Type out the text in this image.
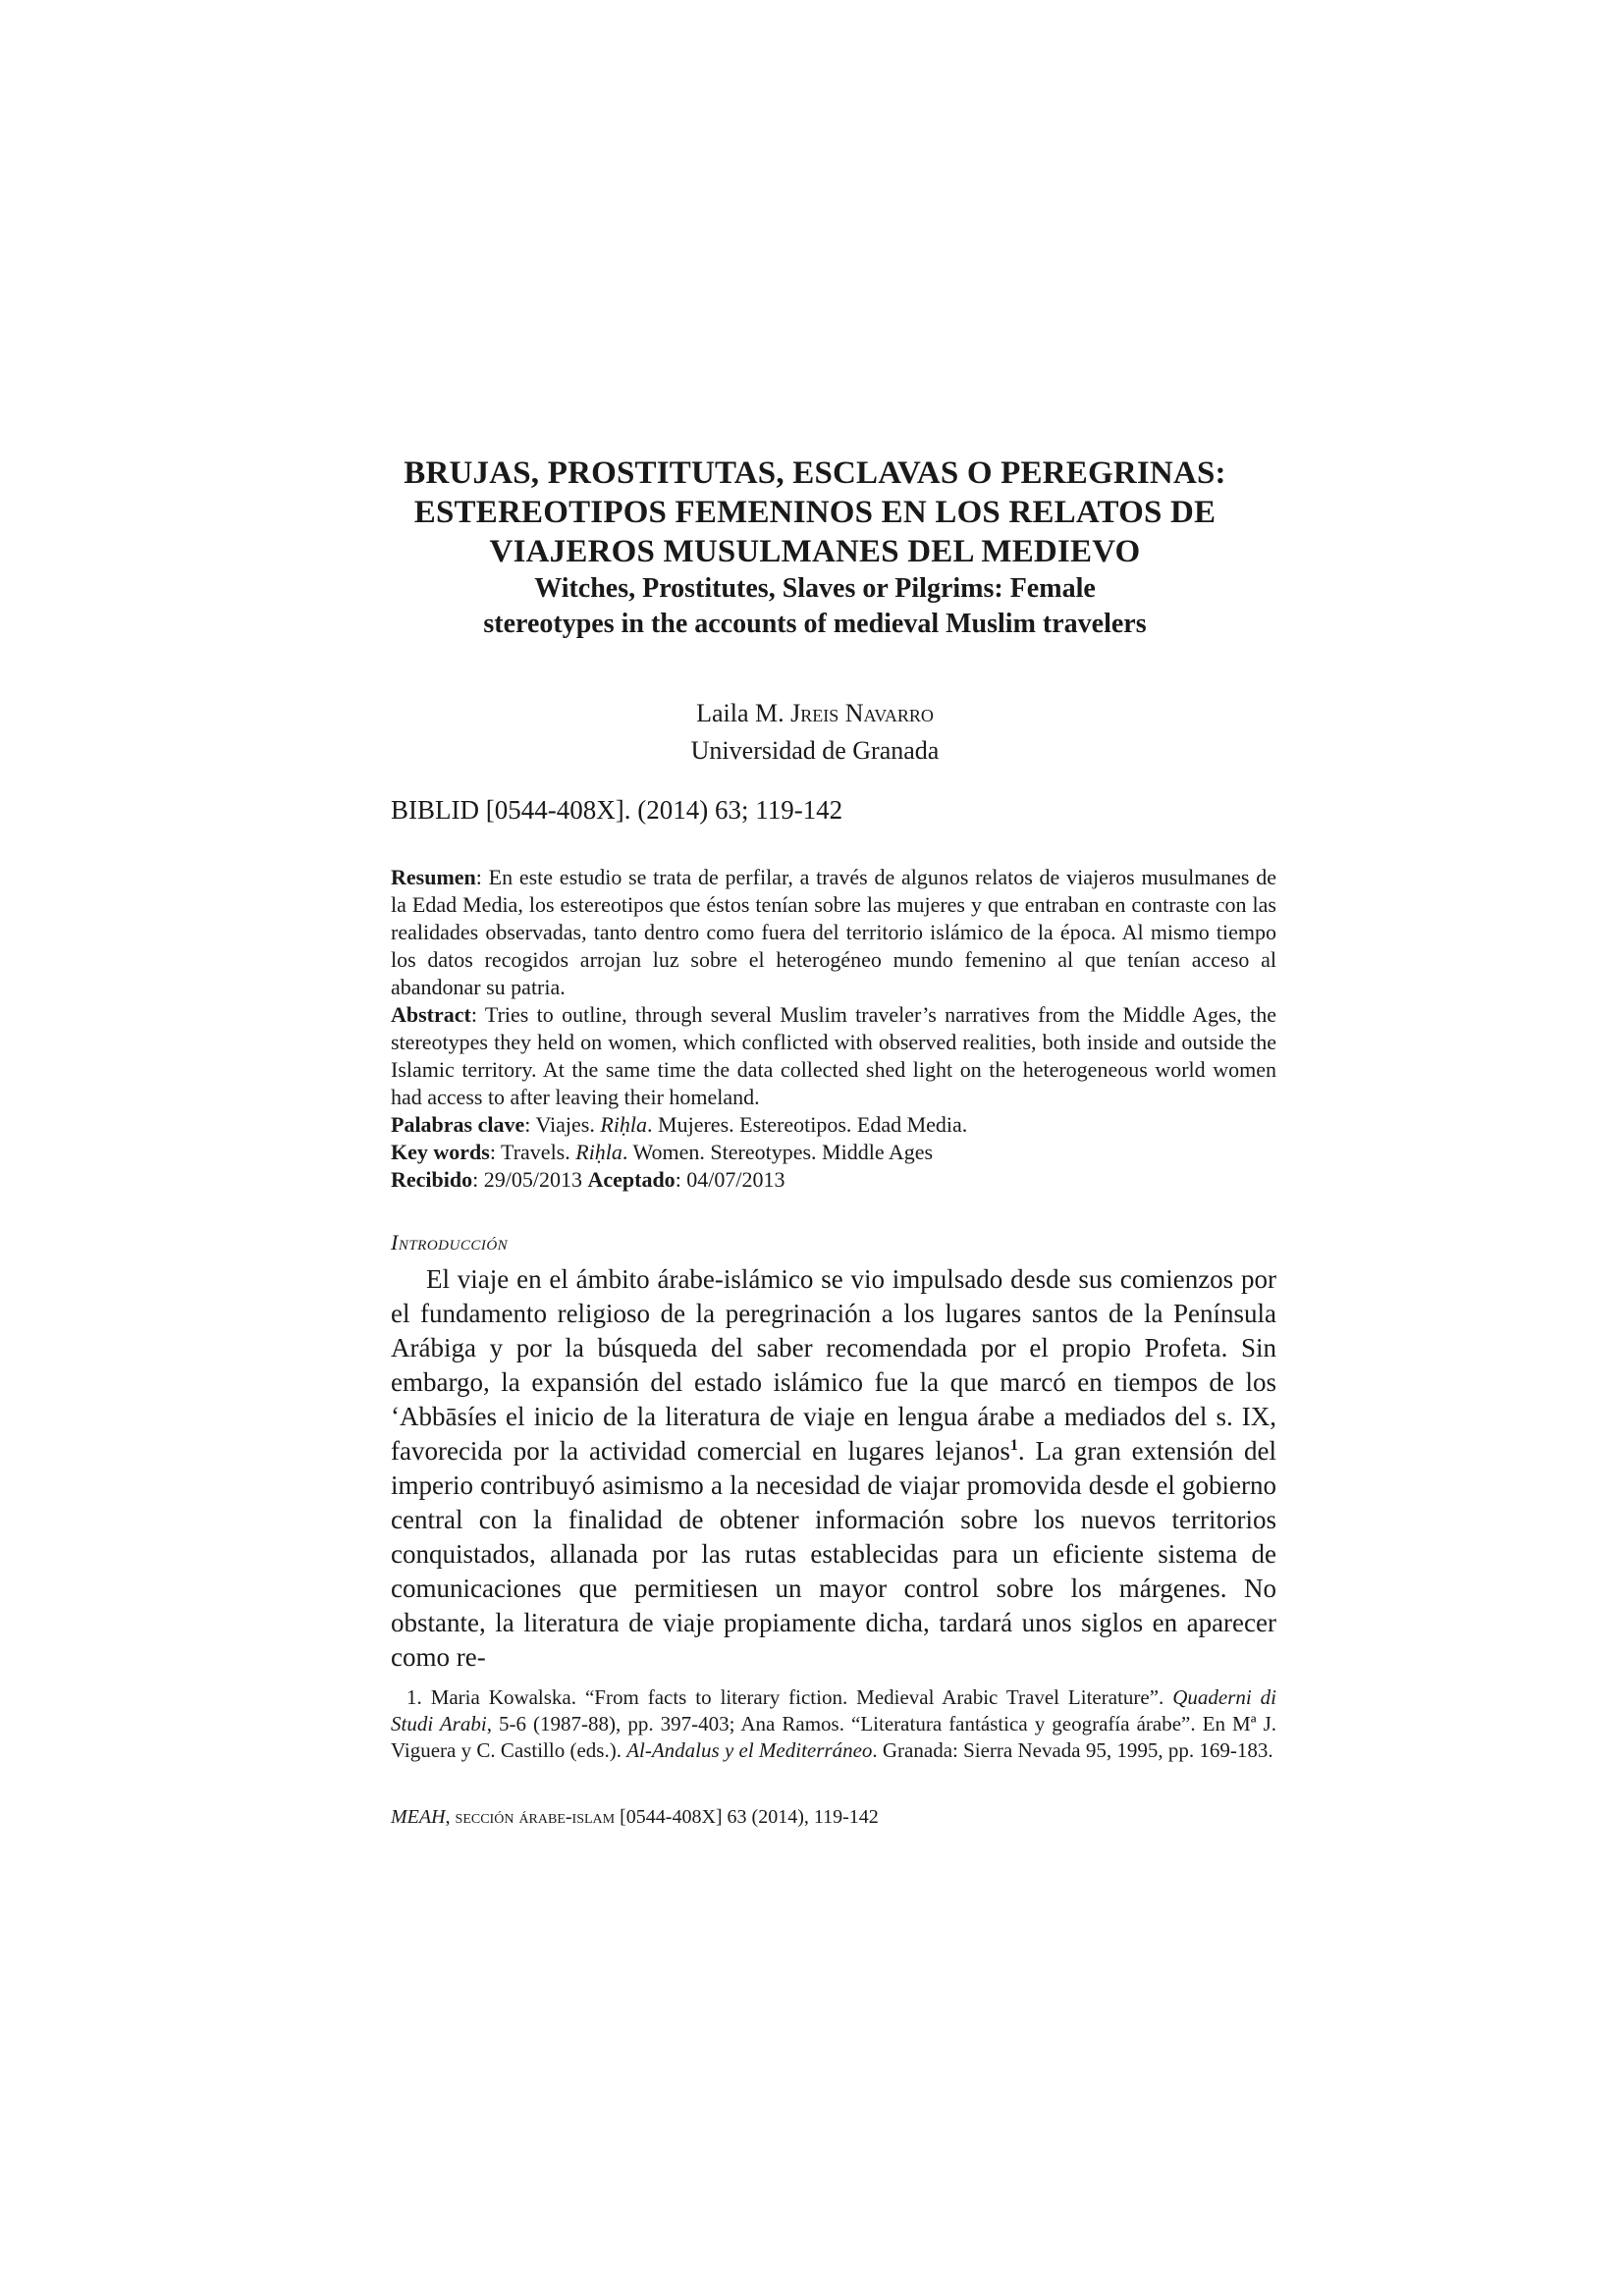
BRUJAS, PROSTITUTAS, ESCLAVAS O PEREGRINAS:

ESTEREOTIPOS FEMENINOS EN LOS RELATOS DE

VIAJEROS MUSULMANES DEL MEDIEVO

Witches, Prostitutes, Slaves or Pilgrims: Female

stereotypes in the accounts of medieval Muslim travelers

Laila M. Jreis Navarro
Universidad de Granada
BIBLID [0544-408X]. (2014) 63; 119-142

Resumen: En este estudio se trata de perfilar, a través de algunos relatos de viajeros musulmanes de la Edad Media, los estereotipos que éstos tenían sobre las mujeres y que entraban en contraste con las realidades observadas, tanto dentro como fuera del territorio islámico de la época. Al mismo tiempo los datos recogidos arrojan luz sobre el heterogéneo mundo femenino al que tenían acceso al abandonar su patria.

Abstract: Tries to outline, through several Muslim traveler’s narratives from the Middle Ages, the stereotypes they held on women, which conflicted with observed realities, both inside and outside the Islamic territory. At the same time the data collected shed light on the heterogeneous world women had access to after leaving their homeland.

Palabras clave: Viajes. Riḥla. Mujeres. Estereotipos. Edad Media.

Key words: Travels. Riḥla. Women. Stereotypes. Middle Ages

Recibido: 29/05/2013 Aceptado: 04/07/2013

Introducción

El viaje en el ámbito árabe-islámico se vio impulsado desde sus comienzos por el fundamento religioso de la peregrinación a los lugares santos de la Península Arábiga y por la búsqueda del saber recomendada por el propio Profeta. Sin embargo, la expansión del estado islámico fue la que marcó en tiempos de los ‘Abbāsíes el inicio de la literatura de viaje en lengua árabe a mediados del s. IX, favorecida por la actividad comercial en lugares lejanos$^1$. La gran extensión del imperio contribuyó asimismo a la necesidad de viajar promovida desde el gobierno central con la finalidad de obtener información sobre los nuevos territorios conquistados, allanada por las rutas establecidas para un eficiente sistema de comunicaciones que permitiesen un mayor control sobre los márgenes. No obstante, la literatura de viaje propiamente dicha, tardará unos siglos en aparecer como re-

1. Maria Kowalska. “From facts to literary fiction. Medieval Arabic Travel Literature”. Quaderni di Studi Arabi, 5-6 (1987-88), pp. 397-403; Ana Ramos. “Literatura fantástica y geografía árabe”. En Mª J. Viguera y C. Castillo (eds.). Al-Andalus y el Mediterráneo. Granada: Sierra Nevada 95, 1995, pp. 169-183.

MEAH, sección árabe-islam [0544-408X] 63 (2014), 119-142
